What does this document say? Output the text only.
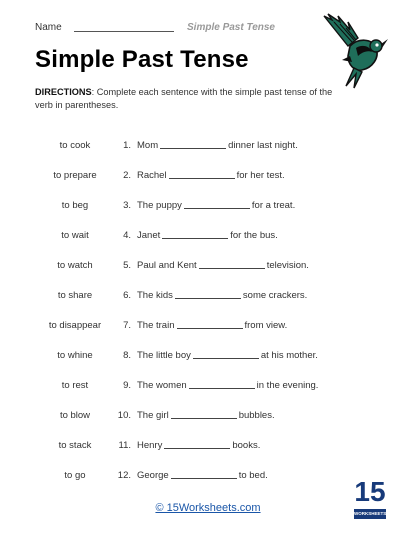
Name	Simple Past Tense
Simple Past Tense
DIRECTIONS: Complete each sentence with the simple past tense of the verb in parentheses.
to cook	1. Mom	dinner last night.
to prepare	2. Rachel	for her test.
to beg	3. The puppy	for a treat.
to wait	4. Janet	for the bus.
to watch	5. Paul and Kent	television.
to share	6. The kids	some crackers.
to disappear	7. The train	from view.
to whine	8. The little boy	at his mother.
to rest	9. The women	in the evening.
to blow	10. The girl	bubbles.
to stack	11. Henry	books.
to go	12. George	to bed.
© 15Worksheets.com
15
WORKSHEETS.COM
